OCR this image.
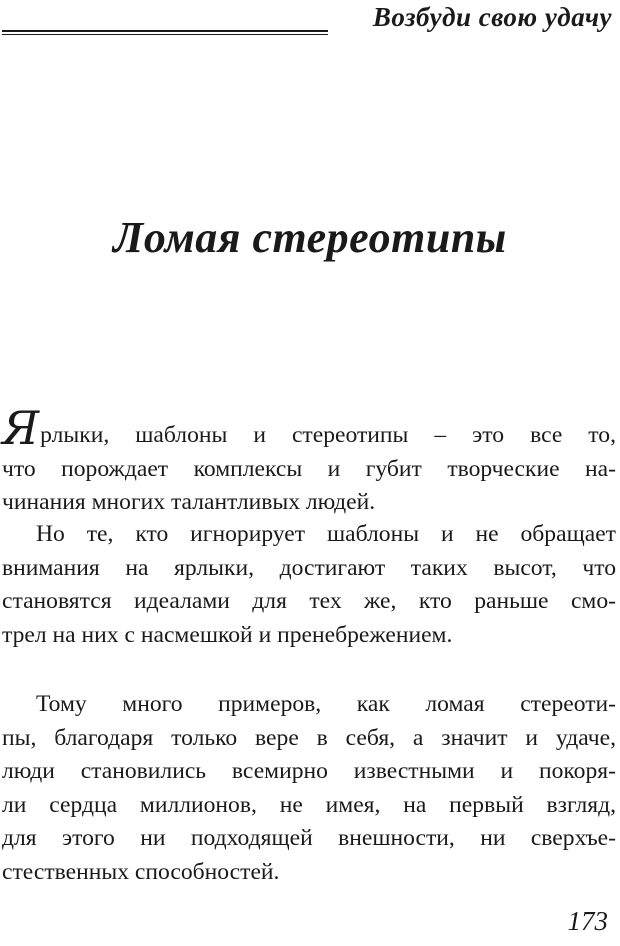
Возбуди свою удачу
Ломая стереотипы
Ярлыки, шаблоны и стереотипы – это все то,
что порождает комплексы и губит творческие на-
чинания многих талантливых людей.
Но те, кто игнорирует шаблоны и не обращает
внимания на ярлыки, достигают таких высот, что
становятся идеалами для тех же, кто раньше смо-
трел на них с насмешкой и пренебрежением.
Тому много примеров, как ломая стереоти-
пы, благодаря только вере в себя, а значит и удаче,
люди становились всемирно известными и покоря-
ли сердца миллионов, не имея, на первый взгляд,
для этого ни подходящей внешности, ни сверхъе-
стественных способностей.
173
